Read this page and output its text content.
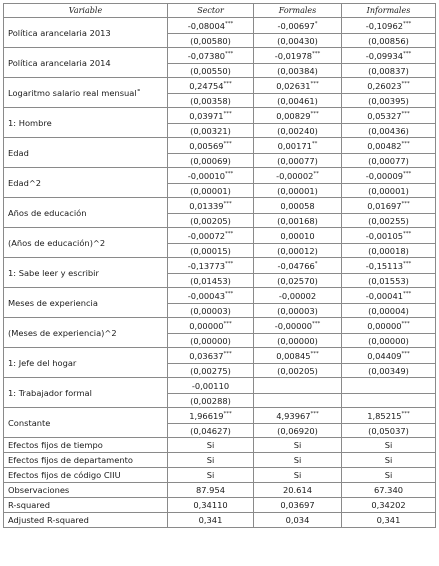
Variable	Sector	Formales	Informales
Política arancelaria 2013	-0,08004***	-0,00697*	-0,10962***
	(0,00580)	(0,00430)	(0,00856)
Política arancelaria 2014	-0,07380***	-0,01978***	-0,09934***
	(0,00550)	(0,00384)	(0,00837)
Logaritmo salario real mensual˚	0,24754***	0,02631***	0,26023***
	(0,00358)	(0,00461)	(0,00395)
1: Hombre	0,03971***	0,00829***	0,05327***
	(0,00321)	(0,00240)	(0,00436)
Edad	0,00569***	0,00171**	0,00482***
	(0,00069)	(0,00077)	(0,00077)
Edad^2	-0,00010***	-0,00002**	-0,00009***
	(0,00001)	(0,00001)	(0,00001)
Años de educación	0,01339***	0,00058	0,01697***
	(0,00205)	(0,00168)	(0,00255)
(Años de educación)^2	-0,00072***	0,00010	-0,00105***
	(0,00015)	(0,00012)	(0,00018)
1: Sabe leer y escribir	-0,13773***	-0,04766*	-0,15113***
	(0,01453)	(0,02570)	(0,01553)
Meses de experiencia	-0,00043***	-0,00002	-0,00041***
	(0,00003)	(0,00003)	(0,00004)
(Meses de experiencia)^2	0,00000***	-0,00000***	0,00000***
	(0,00000)	(0,00000)	(0,00000)
1: Jefe del hogar	0,03637***	0,00845***	0,04409***
	(0,00275)	(0,00205)	(0,00349)
1: Trabajador formal	-0,00110		
	(0,00288)		
Constante	1,96619***	4,93967***	1,85215***
	(0,04627)	(0,06920)	(0,05037)
Efectos fijos de tiempo	Si	Si	Si
Efectos fijos de departamento	Si	Si	Si
Efectos fijos de código CIIU	Si	Si	Si
Observaciones	87.954	20.614	67.340
R-squared	0,34110	0,03697	0,34202
Adjusted R-squared	0,341	0,034	0,341
